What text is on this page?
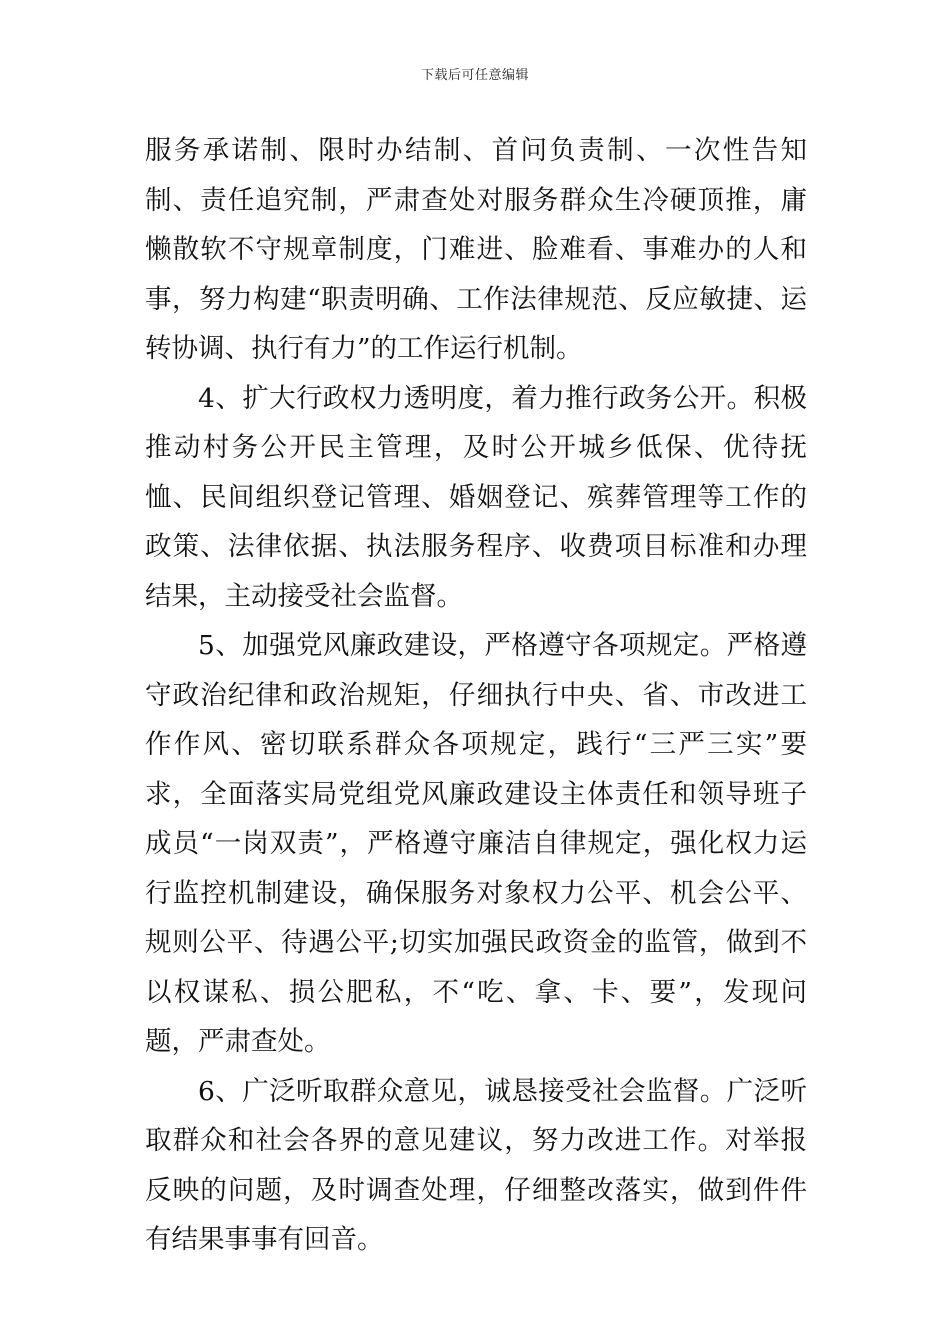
下载后可任意编辑

服务承诺制、限时办结制、首问负责制、一次性告知制、责任追究制，严肃查处对服务群众生冷硬顶推，庸懒散软不守规章制度，门难进、脸难看、事难办的人和事，努力构建“职责明确、工作法律规范、反应敏捷、运转协调、执行有力”的工作运行机制。

4、扩大行政权力透明度，着力推行政务公开。积极推动村务公开民主管理，及时公开城乡低保、优待抚恤、民间组织登记管理、婚姻登记、殡葬管理等工作的政策、法律依据、执法服务程序、收费项目标准和办理结果，主动接受社会监督。

5、加强党风廉政建设，严格遵守各项规定。严格遵守政治纪律和政治规矩，仔细执行中央、省、市改进工作作风、密切联系群众各项规定，践行“三严三实”要求，全面落实局党组党风廉政建设主体责任和领导班子成员“一岗双责”，严格遵守廉洁自律规定，强化权力运行监控机制建设，确保服务对象权力公平、机会公平、规则公平、待遇公平;切实加强民政资金的监管，做到不以权谋私、损公肥私，不“吃、拿、卡、要”，发现问题，严肃查处。

6、广泛听取群众意见，诚恳接受社会监督。广泛听取群众和社会各界的意见建议，努力改进工作。对举报反映的问题，及时调查处理，仔细整改落实，做到件件有结果事事有回音。
